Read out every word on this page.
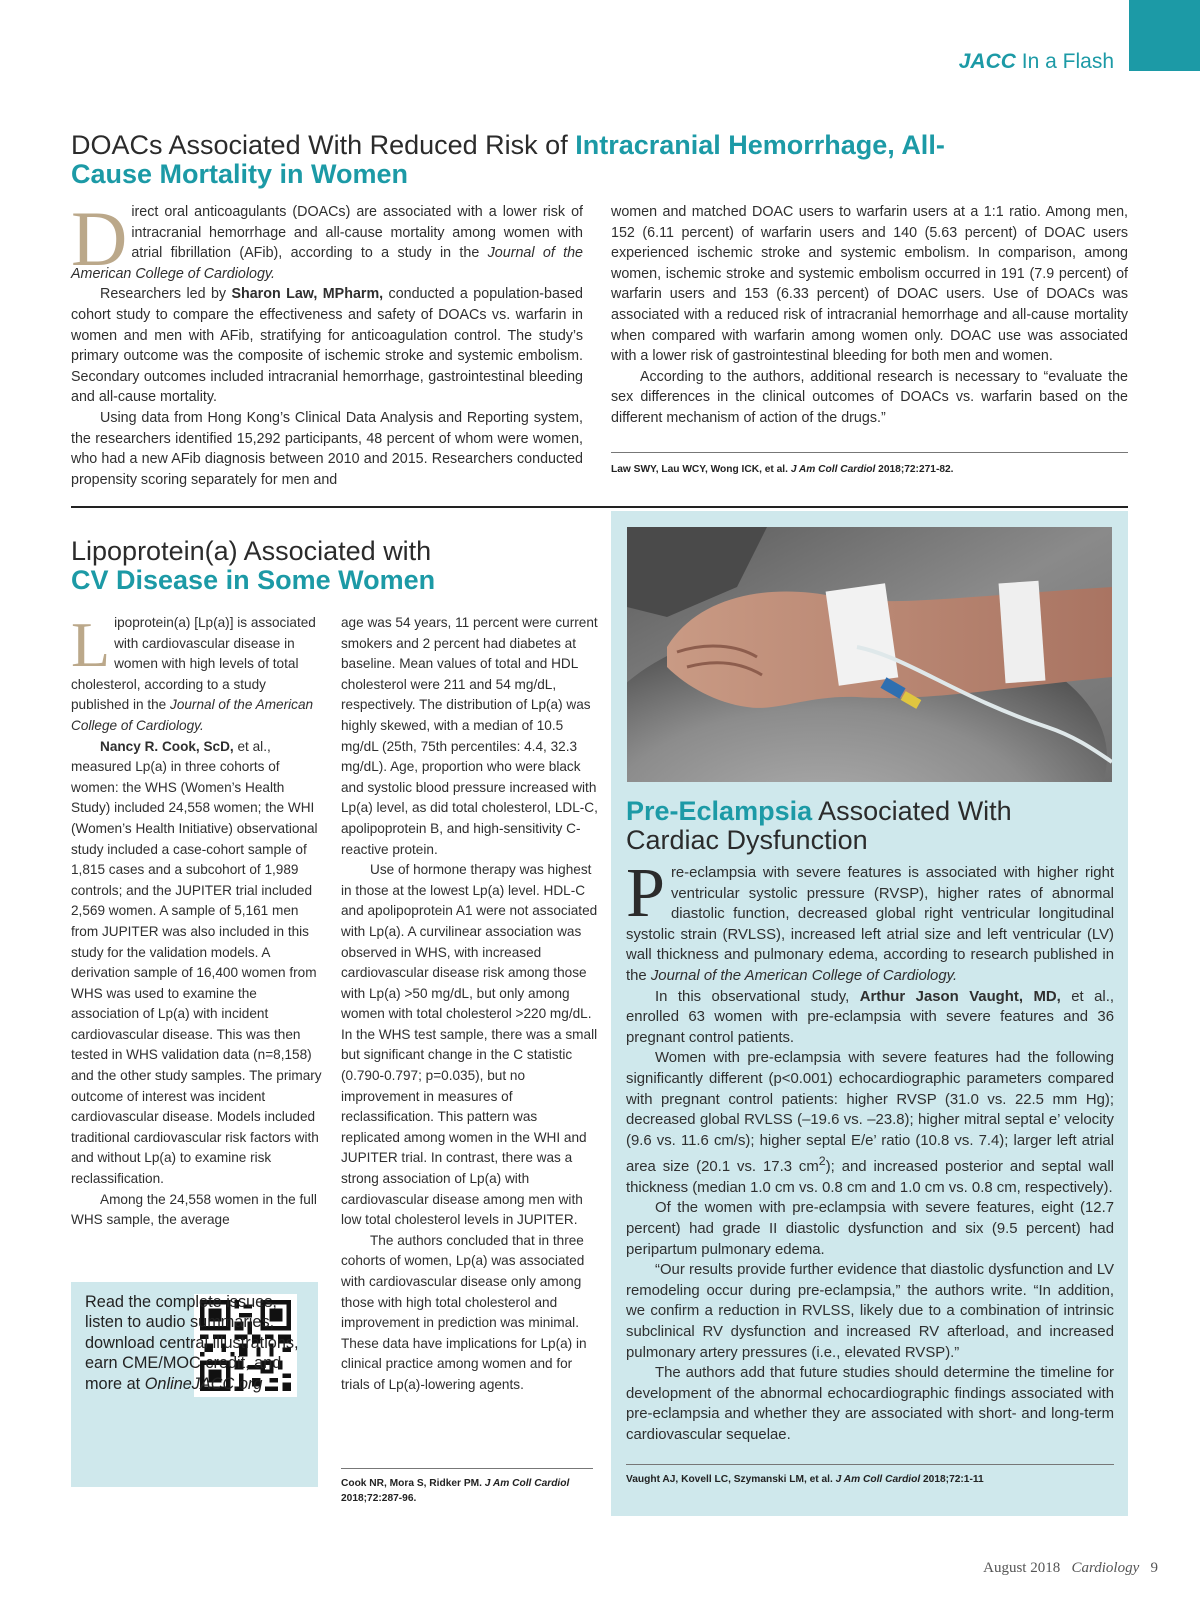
JACC In a Flash
DOACs Associated With Reduced Risk of Intracranial Hemorrhage, All-Cause Mortality in Women

Direct oral anticoagulants (DOACs) are associated with a lower risk of intracranial hemorrhage and all-cause mortality among women with atrial fibrillation (AFib), according to a study in the Journal of the American College of Cardiology.

Researchers led by Sharon Law, MPharm, conducted a population-based cohort study to compare the effectiveness and safety of DOACs vs. warfarin in women and men with AFib, stratifying for anticoagulation control. The study’s primary outcome was the composite of ischemic stroke and systemic embolism. Secondary outcomes included intracranial hemorrhage, gastrointestinal bleeding and all-cause mortality.

Using data from Hong Kong’s Clinical Data Analysis and Reporting system, the researchers identified 15,292 participants, 48 percent of whom were women, who had a new AFib diagnosis between 2010 and 2015. Researchers conducted propensity scoring separately for men and

women and matched DOAC users to warfarin users at a 1:1 ratio. Among men, 152 (6.11 percent) of warfarin users and 140 (5.63 percent) of DOAC users experienced ischemic stroke and systemic embolism. In comparison, among women, ischemic stroke and systemic embolism occurred in 191 (7.9 percent) of warfarin users and 153 (6.33 percent) of DOAC users. Use of DOACs was associated with a reduced risk of intracranial hemorrhage and all-cause mortality when compared with warfarin among women only. DOAC use was associated with a lower risk of gastrointestinal bleeding for both men and women.

According to the authors, additional research is necessary to “evaluate the sex differences in the clinical outcomes of DOACs vs. warfarin based on the different mechanism of action of the drugs.”

Law SWY, Lau WCY, Wong ICK, et al. J Am Coll Cardiol 2018;72:271-82.
Lipoprotein(a) Associated with
CV Disease in Some Women

Lipoprotein(a) [Lp(a)] is associated with cardiovascular disease in women with high levels of total cholesterol, according to a study published in the Journal of the American College of Cardiology.

Nancy R. Cook, ScD, et al., measured Lp(a) in three cohorts of women: the WHS (Women’s Health Study) included 24,558 women; the WHI (Women’s Health Initiative) observational study included a case-cohort sample of 1,815 cases and a subcohort of 1,989 controls; and the JUPITER trial included 2,569 women. A sample of 5,161 men from JUPITER was also included in this study for the validation models. A derivation sample of 16,400 women from WHS was used to examine the association of Lp(a) with incident cardiovascular disease. This was then tested in WHS validation data (n=8,158) and the other study samples. The primary outcome of interest was incident cardiovascular disease. Models included traditional cardiovascular risk factors with and without Lp(a) to examine risk reclassification.

Among the 24,558 women in the full WHS sample, the average

age was 54 years, 11 percent were current smokers and 2 percent had diabetes at baseline. Mean values of total and HDL cholesterol were 211 and 54 mg/dL, respectively. The distribution of Lp(a) was highly skewed, with a median of 10.5 mg/dL (25th, 75th percentiles: 4.4, 32.3 mg/dL). Age, proportion who were black and systolic blood pressure increased with Lp(a) level, as did total cholesterol, LDL-C, apolipoprotein B, and high-sensitivity C-reactive protein.

Use of hormone therapy was highest in those at the lowest Lp(a) level. HDL-C and apolipoprotein A1 were not associated with Lp(a). A curvilinear association was observed in WHS, with increased cardiovascular disease risk among those with Lp(a) >50 mg/dL, but only among women with total cholesterol >220 mg/dL. In the WHS test sample, there was a small but significant change in the C statistic (0.790-0.797; p=0.035), but no improvement in measures of reclassification. This pattern was replicated among women in the WHI and JUPITER trial. In contrast, there was a strong association of Lp(a) with cardiovascular disease among men with low total cholesterol levels in JUPITER.

The authors concluded that in three cohorts of women, Lp(a) was associated with cardiovascular disease only among those with high total cholesterol and improvement in prediction was minimal. These data have implications for Lp(a) in clinical practice among women and for trials of Lp(a)-lowering agents.

Cook NR, Mora S, Ridker PM. J Am Coll Cardiol 2018;72:287-96.
Read the complete issues, listen to audio summaries, download central illustrations, earn CME/MOC credit, and more at OnlineJACC.org
Pre-Eclampsia Associated With Cardiac Dysfunction

Pre-eclampsia with severe features is associated with higher right ventricular systolic pressure (RVSP), higher rates of abnormal diastolic function, decreased global right ventricular longitudinal systolic strain (RVLSS), increased left atrial size and left ventricular (LV) wall thickness and pulmonary edema, according to research published in the Journal of the American College of Cardiology.

In this observational study, Arthur Jason Vaught, MD, et al., enrolled 63 women with pre-eclampsia with severe features and 36 pregnant control patients.

Women with pre-eclampsia with severe features had the following significantly different (p<0.001) echocardiographic parameters compared with pregnant control patients: higher RVSP (31.0 vs. 22.5 mm Hg); decreased global RVLSS (–19.6 vs. –23.8); higher mitral septal e’ velocity (9.6 vs. 11.6 cm/s); higher septal E/e’ ratio (10.8 vs. 7.4); larger left atrial area size (20.1 vs. 17.3 $cm^2$); and increased posterior and septal wall thickness (median 1.0 cm vs. 0.8 cm and 1.0 cm vs. 0.8 cm, respectively).

Of the women with pre-eclampsia with severe features, eight (12.7 percent) had grade II diastolic dysfunction and six (9.5 percent) had peripartum pulmonary edema.

“Our results provide further evidence that diastolic dysfunction and LV remodeling occur during pre-eclampsia,” the authors write. “In addition, we confirm a reduction in RVLSS, likely due to a combination of intrinsic subclinical RV dysfunction and increased RV afterload, and increased pulmonary artery pressures (i.e., elevated RVSP).”

The authors add that future studies should determine the timeline for development of the abnormal echocardiographic findings associated with pre-eclampsia and whether they are associated with short- and long-term cardiovascular sequelae.

Vaught AJ, Kovell LC, Szymanski LM, et al. J Am Coll Cardiol 2018;72:1-11
August 2018 Cardiology 9
